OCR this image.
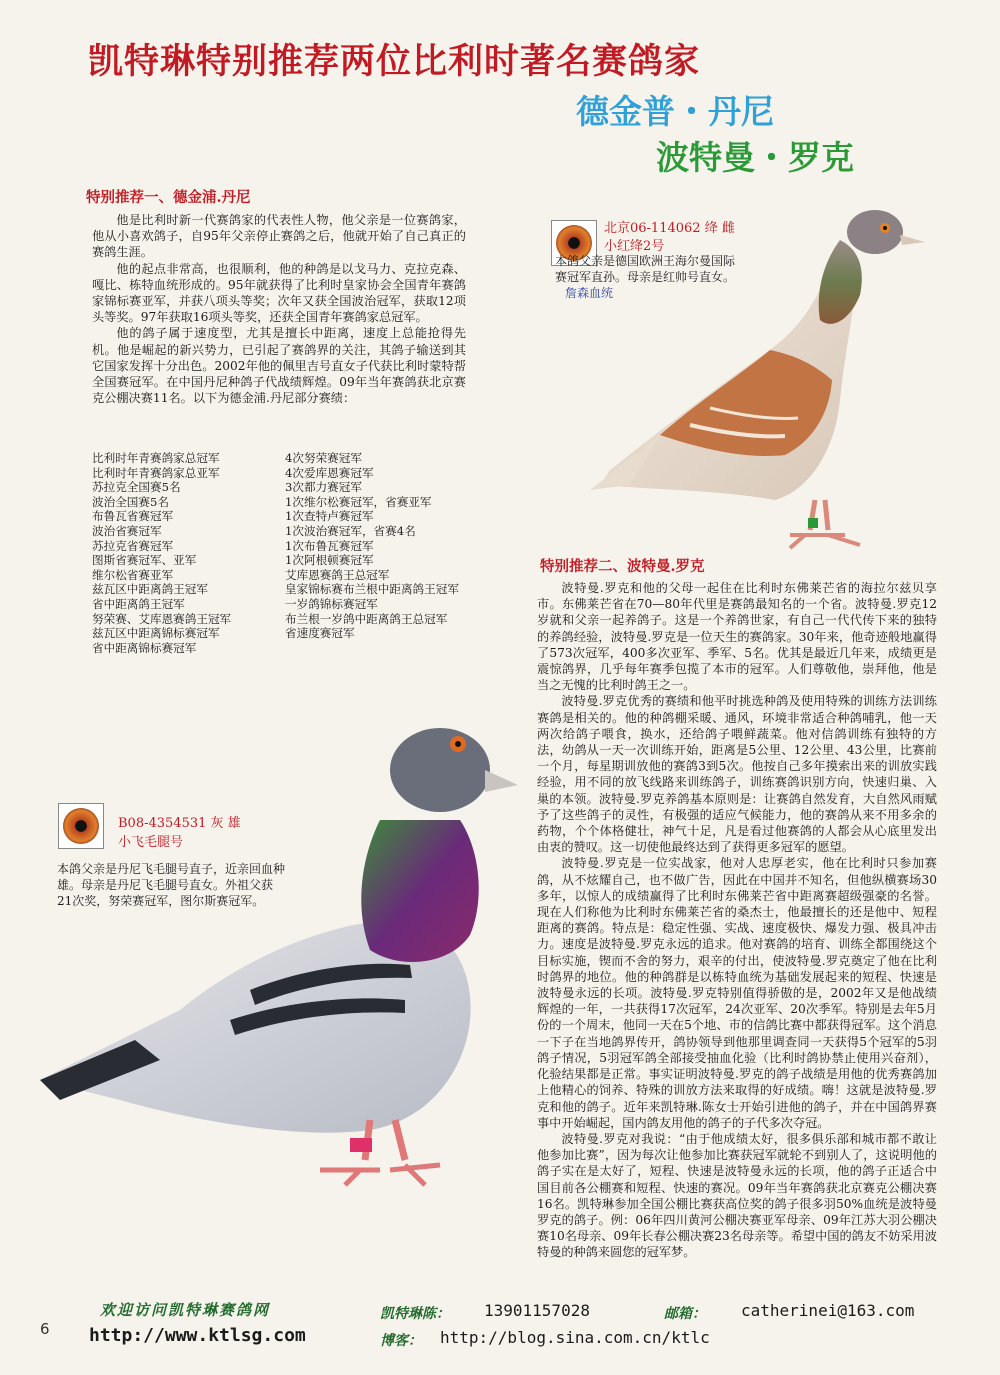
凯特琳特别推荐两位比利时著名赛鸽家
德金普・丹尼
波特曼・罗克
特别推荐一、德金浦.丹尼

他是比利时新一代赛鸽家的代表性人物，他父亲是一位赛鸽家，他从小喜欢鸽子，自95年父亲停止赛鸽之后，他就开始了自己真正的赛鸽生涯。

他的起点非常高，也很顺利，他的种鸽是以戈马力、克拉克森、嘎比、栋特血统形成的。95年就获得了比利时皇家协会全国青年赛鸽家锦标赛亚军，并获八项头等奖；次年又获全国波治冠军，获取12项头等奖。97年获取16项头等奖，还获全国青年赛鸽家总冠军。

他的鸽子属于速度型，尤其是擅长中距离，速度上总能抢得先机。他是崛起的新兴势力，已引起了赛鸽界的关注，其鸽子输送到其它国家发挥十分出色。2002年他的佩里吉号直女子代获比利时蒙特帮全国赛冠军。在中国丹尼种鸽子代战绩辉煌。09年当年赛鸽获北京赛克公棚决赛11名。以下为德金浦.丹尼部分赛绩：

比利时年青赛鸽家总冠军
比利时年青赛鸽家总亚军
苏拉克全国赛5名
波治全国赛5名
布鲁瓦省赛冠军
波治省赛冠军
苏拉克省赛冠军
图斯省赛冠军、亚军
维尔松省赛亚军
兹瓦区中距离鸽王冠军
省中距离鸽王冠军
努荣赛、艾库恩赛鸽王冠军
兹瓦区中距离锦标赛冠军
省中距离锦标赛冠军
4次努荣赛冠军
4次爱库恩赛冠军
3次都力赛冠军
1次维尔松赛冠军，省赛亚军
1次查特卢赛冠军
1次波治赛冠军，省赛4名
1次布鲁瓦赛冠军
1次阿根顿赛冠军
艾库恩赛鸽王总冠军
皇家锦标赛布兰根中距离鸽王冠军
一岁鸽锦标赛冠军
布兰根一岁鸽中距离鸽王总冠军
省速度赛冠军
北京06-114062 绛 雌
小红绛2号
本鸽父亲是德国欧洲王海尔曼国际赛冠军直孙。母亲是红帅号直女。 詹森血统
特别推荐二、波特曼.罗克

波特曼.罗克和他的父母一起住在比利时东佛莱芒省的海拉尔兹贝享市。东佛莱芒省在70—80年代里是赛鸽最知名的一个省。波特曼.罗克12岁就和父亲一起养鸽子。这是一个养鸽世家，有自己一代代传下来的独特的养鸽经验，波特曼.罗克是一位天生的赛鸽家。30年来，他奇迹般地赢得了573次冠军，400多次亚军、季军、5名。优其是最近几年来，成绩更是震惊鸽界，几乎每年赛季包揽了本市的冠军。人们尊敬他，崇拜他，他是当之无愧的比利时鸽王之一。

波特曼.罗克优秀的赛绩和他平时挑选种鸽及使用特殊的训练方法训练赛鸽是相关的。他的种鸽棚采暖、通风，环境非常适合种鸽哺乳，他一天两次给鸽子喂食，换水，还给鸽子喂鲜蔬菜。他对信鸽训练有独特的方法，幼鸽从一天一次训练开始，距离是5公里、12公里、43公里，比赛前一个月，每星期训放他的赛鸽3到5次。他按自己多年摸索出来的训放实践经验，用不同的放飞线路来训练鸽子，训练赛鸽识别方向，快速归巢、入巢的本领。波特曼.罗克养鸽基本原则是：让赛鸽自然发育，大自然风雨赋予了这些鸽子的灵性，有极强的适应气候能力，他的赛鸽从来不用多余的药物，个个体格健壮，神气十足，凡是看过他赛鸽的人都会从心底里发出由衷的赞叹。这一切使他最终达到了获得更多冠军的愿望。

波特曼.罗克是一位实战家，他对人忠厚老实，他在比利时只参加赛鸽，从不炫耀自己，也不做广告，因此在中国并不知名，但他纵横赛场30多年，以惊人的成绩赢得了比利时东佛莱芒省中距离赛超级强豪的名誉。现在人们称他为比利时东佛莱芒省的桑杰士，他最擅长的还是他中、短程距离的赛鸽。特点是：稳定性强、实战、速度极快、爆发力强、极具冲击力。速度是波特曼.罗克永远的追求。他对赛鸽的培育、训练全都围绕这个目标实施，锲而不舍的努力，艰辛的付出，使波特曼.罗克奠定了他在比利时鸽界的地位。他的种鸽群是以栋特血统为基础发展起来的短程、快速是波特曼永远的长项。波特曼.罗克特别值得骄傲的是，2002年又是他战绩辉煌的一年，一共获得17次冠军，24次亚军、20次季军。特别是去年5月份的一个周末，他同一天在5个地、市的信鸽比赛中都获得冠军。这个消息一下子在当地鸽界传开，鸽协领导到他那里调查同一天获得5个冠军的5羽鸽子情况，5羽冠军鸽全部接受抽血化验（比利时鸽协禁止使用兴奋剂），化验结果都是正常。事实证明波特曼.罗克的鸽子战绩是用他的优秀赛鸽加上他精心的饲养、特殊的训放方法来取得的好成绩。嗨！这就是波特曼.罗克和他的鸽子。近年来凯特琳.陈女士开始引进他的鸽子，并在中国鸽界赛事中开始崛起，国内鸽友用他的鸽子的子代多次夺冠。

波特曼.罗克对我说：“由于他成绩太好，很多俱乐部和城市都不敢让他参加比赛”，因为每次让他参加比赛获冠军就轮不到别人了，这说明他的鸽子实在是太好了，短程、快速是波特曼永远的长项，他的鸽子正适合中国目前各公棚赛和短程、快速的赛况。09年当年赛鸽获北京赛克公棚决赛16名。凯特琳参加全国公棚比赛获高位奖的鸽子很多羽50%血统是波特曼罗克的鸽子。例：06年四川黄河公棚决赛亚军母亲、09年江苏大羽公棚决赛10名母亲、09年长春公棚决赛23名母亲等。希望中国的鸽友不妨采用波特曼的种鸽来圆您的冠军梦。

B08-4354531 灰 雄
小飞毛腿号
本鸽父亲是丹尼飞毛腿号直子，近亲回血种雄。母亲是丹尼飞毛腿号直女。外祖父获21次奖，努荣赛冠军，图尔斯赛冠军。
欢迎访问凯特琳赛鸽网
http://www.ktlsg.com
凯特琳陈： 13901157028	邮箱： catherinei@163.com
博客： http://blog.sina.com.cn/ktlc
6
